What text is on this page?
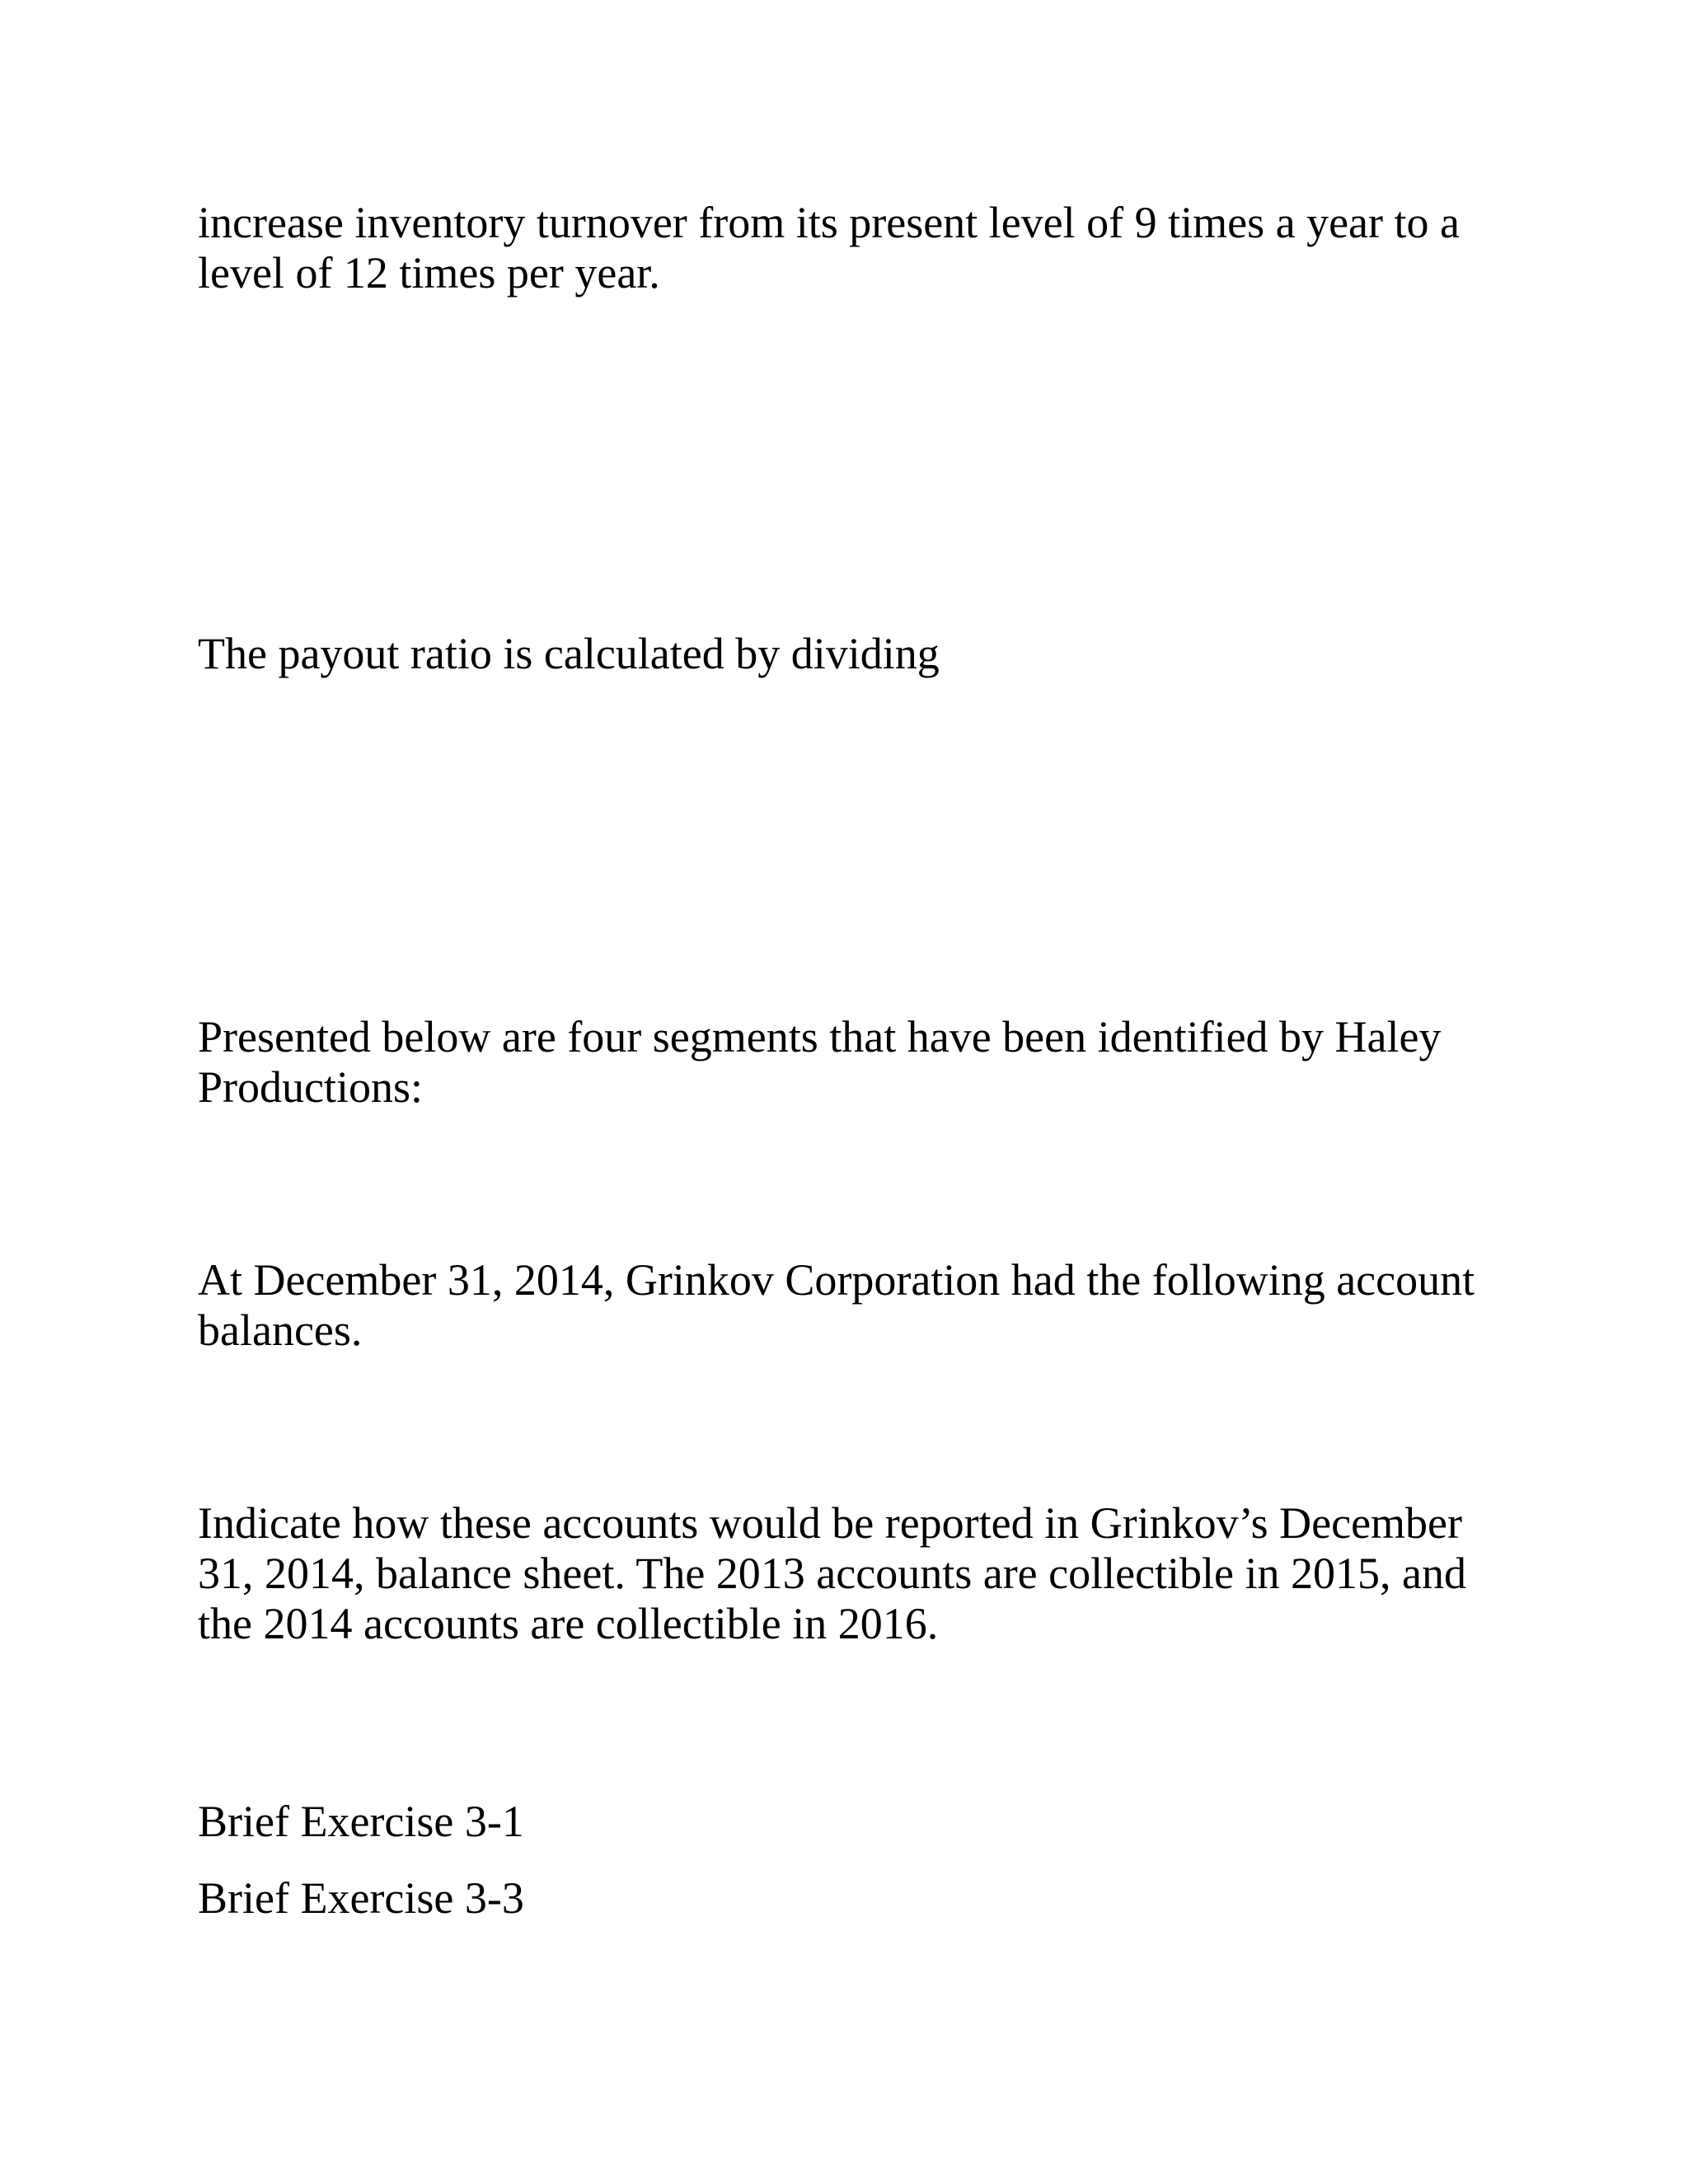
increase inventory turnover from its present level of 9 times a year to a
level of 12 times per year.

The payout ratio is calculated by dividing

Presented below are four segments that have been identified by Haley
Productions:

At December 31, 2014, Grinkov Corporation had the following account
balances.

Indicate how these accounts would be reported in Grinkov’s December
31, 2014, balance sheet. The 2013 accounts are collectible in 2015, and
the 2014 accounts are collectible in 2016.

Brief Exercise 3-1

Brief Exercise 3-3
